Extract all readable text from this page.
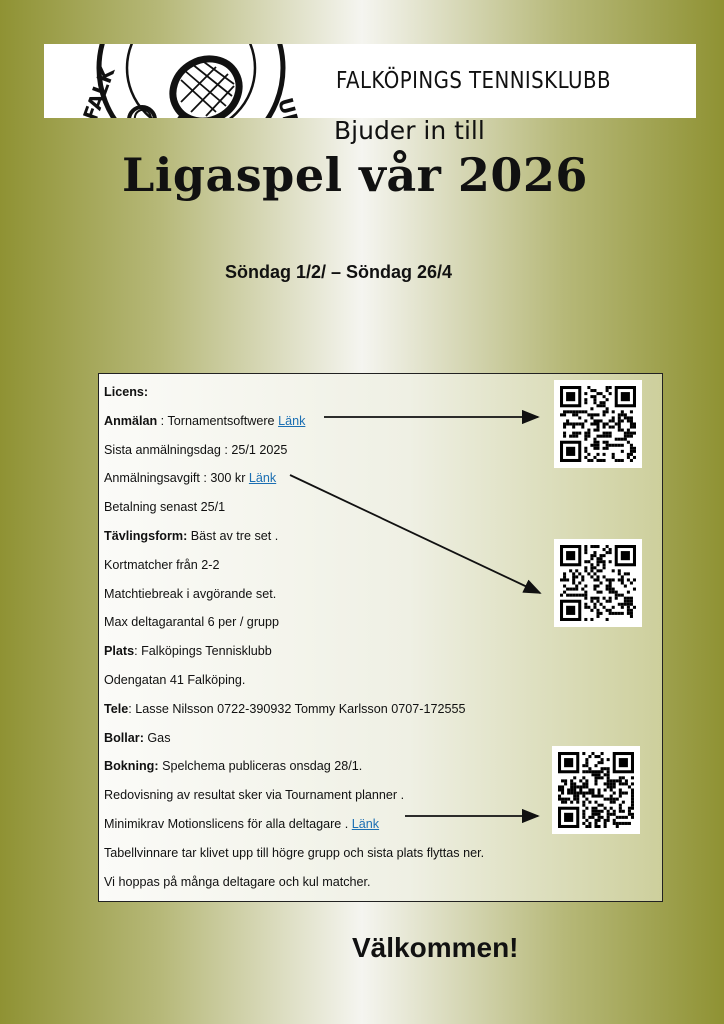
FALK	UBB
FALKÖPINGS TENNISKLUBB
Bjuder in till
Ligaspel vår 2026
Söndag 1/2/ – Söndag 26/4
Licens:
Anmälan : Tornamentsoftwere Länk
Sista anmälningsdag : 25/1 2025
Anmälningsavgift : 300 kr Länk
Betalning senast 25/1
Tävlingsform: Bäst av tre set .
Kortmatcher från 2-2
Matchtiebreak i avgörande set.
Max deltagarantal 6 per / grupp
Plats: Falköpings Tennisklubb
Odengatan 41 Falköping.
Tele: Lasse Nilsson 0722-390932 Tommy Karlsson 0707-172555
Bollar: Gas
Bokning: Spelchema publiceras onsdag 28/1.
Redovisning av resultat sker via Tournament planner .
Minimikrav Motionslicens för alla deltagare . Länk
Tabellvinnare tar klivet upp till högre grupp och sista plats flyttas ner.
Vi hoppas på många deltagare och kul matcher.
Välkommen!
